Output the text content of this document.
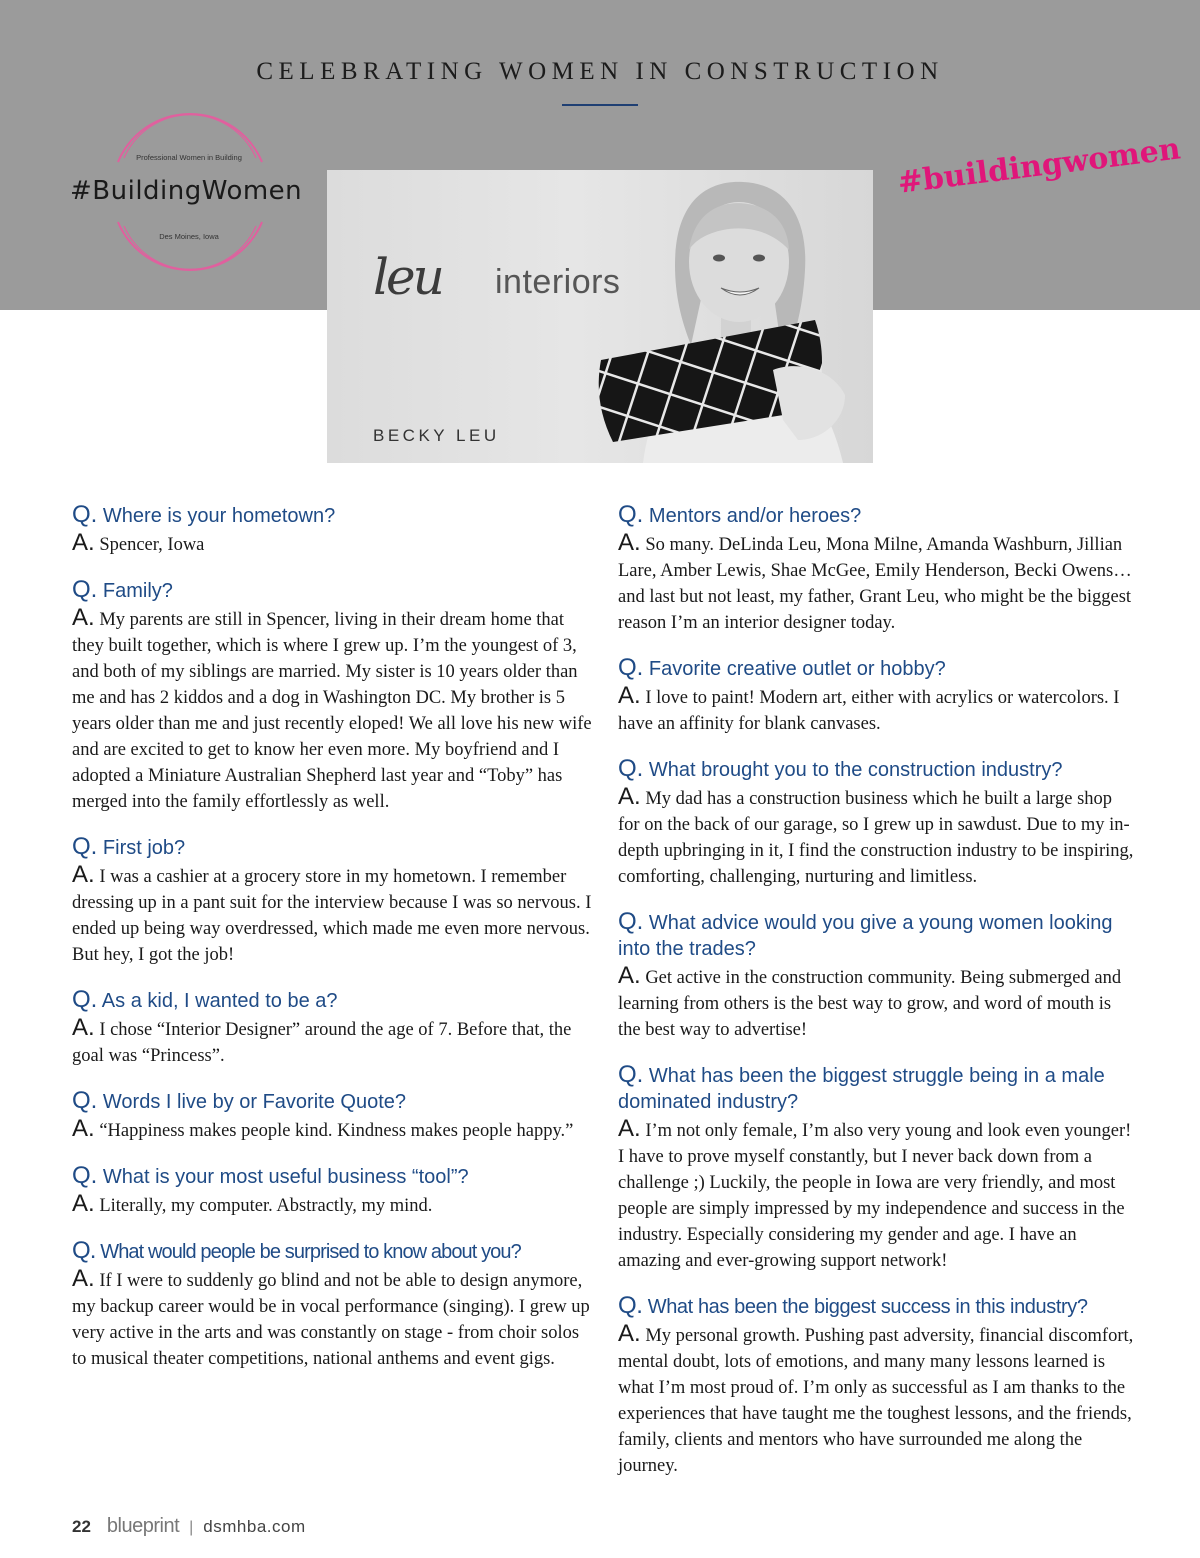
CELEBRATING WOMEN IN CONSTRUCTION
Professional Women in Building
#BuildingWomen
Des Moines, Iowa
#buildingwomen
leu interiors
BECKY LEU
Q. Where is your hometown?
A. Spencer, Iowa
Q. Family?
A. My parents are still in Spencer, living in their dream home that they built together, which is where I grew up. I’m the youngest of 3, and both of my siblings are married. My sister is 10 years older than me and has 2 kiddos and a dog in Washington DC. My brother is 5 years older than me and just recently eloped! We all love his new wife and are excited to get to know her even more. My boyfriend and I adopted a Miniature Australian Shepherd last year and “Toby” has merged into the family effortlessly as well.
Q. First job?
A. I was a cashier at a grocery store in my hometown. I remember dressing up in a pant suit for the interview because I was so nervous. I ended up being way overdressed, which made me even more nervous. But hey, I got the job!
Q. As a kid, I wanted to be a?
A. I chose “Interior Designer” around the age of 7. Before that, the goal was “Princess”.
Q. Words I live by or Favorite Quote?
A. “Happiness makes people kind. Kindness makes people happy.”
Q. What is your most useful business “tool”?
A. Literally, my computer. Abstractly, my mind.
Q. What would people be surprised to know about you?
A. If I were to suddenly go blind and not be able to design anymore, my backup career would be in vocal performance (singing). I grew up very active in the arts and was constantly on stage - from choir solos to musical theater competitions, national anthems and event gigs.
Q. Mentors and/or heroes?
A. So many. DeLinda Leu, Mona Milne, Amanda Washburn, Jillian Lare, Amber Lewis, Shae McGee, Emily Henderson, Becki Owens… and last but not least, my father, Grant Leu, who might be the biggest reason I’m an interior designer today.
Q. Favorite creative outlet or hobby?
A. I love to paint! Modern art, either with acrylics or watercolors. I have an affinity for blank canvases.
Q. What brought you to the construction industry?
A. My dad has a construction business which he built a large shop for on the back of our garage, so I grew up in sawdust. Due to my in-depth upbringing in it, I find the construction industry to be inspiring, comforting, challenging, nurturing and limitless.
Q. What advice would you give a young women looking into the trades?
A. Get active in the construction community. Being submerged and learning from others is the best way to grow, and word of mouth is the best way to advertise!
Q. What has been the biggest struggle being in a male dominated industry?
A. I’m not only female, I’m also very young and look even younger! I have to prove myself constantly, but I never back down from a challenge ;) Luckily, the people in Iowa are very friendly, and most people are simply impressed by my independence and success in the industry. Especially considering my gender and age. I have an amazing and ever-growing support network!
Q. What has been the biggest success in this industry?
A. My personal growth. Pushing past adversity, financial discomfort, mental doubt, lots of emotions, and many many lessons learned is what I’m most proud of. I’m only as successful as I am thanks to the experiences that have taught me the toughest lessons, and the friends, family, clients and mentors who have surrounded me along the journey.
22 blueprint | dsmhba.com
